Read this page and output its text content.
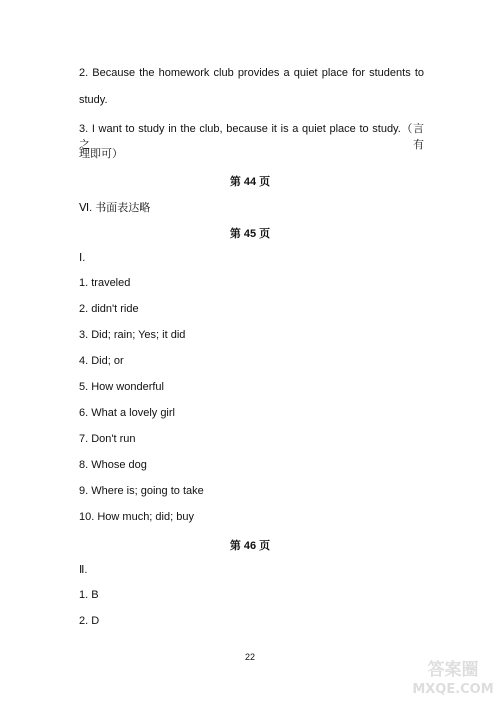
2. Because the homework club provides a quiet place for students to
study.
3. I want to study in the club, because it is a quiet place to study.（言之有
理即可）
第 44 页
Ⅵ. 书面表达略
第 45 页
Ⅰ.
1. traveled
2. didn't ride
3. Did; rain; Yes; it did
4. Did; or
5. How wonderful
6. What a lovely girl
7. Don't run
8. Whose dog
9. Where is; going to take
10. How much; did; buy
第 46 页
Ⅱ.
1. B
2. D
22
答案圈
MXQE.COM
